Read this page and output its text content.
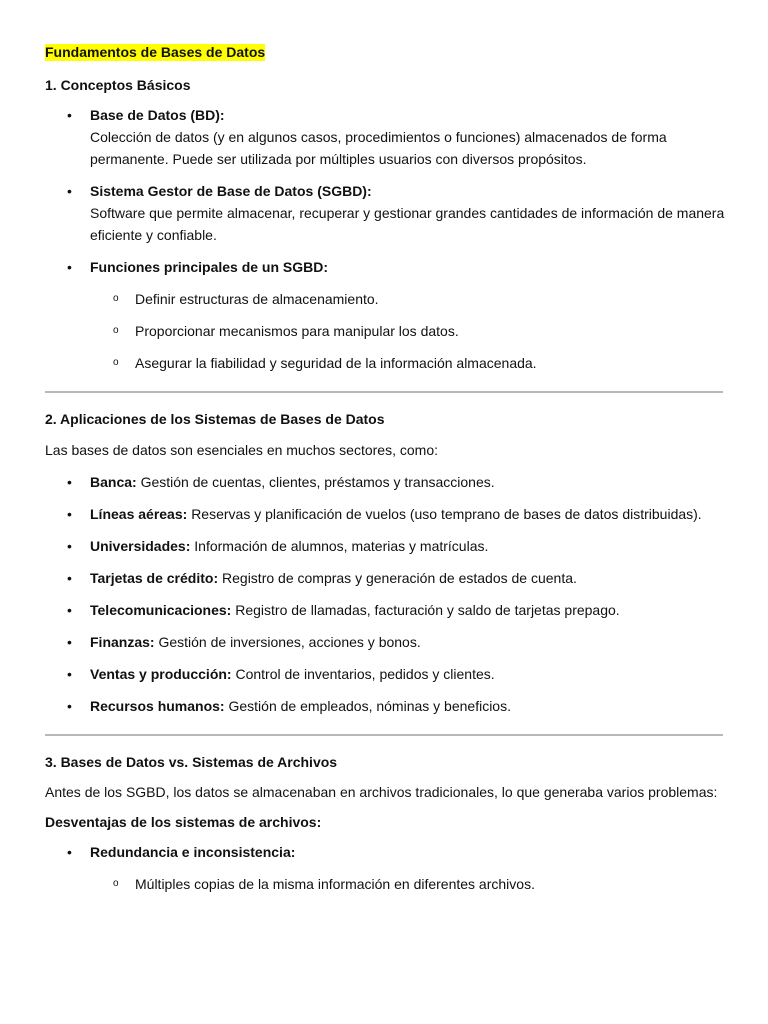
Fundamentos de Bases de Datos
1. Conceptos Básicos
• Base de Datos (BD):
Colección de datos (y en algunos casos, procedimientos o funciones) almacenados de forma permanente. Puede ser utilizada por múltiples usuarios con diversos propósitos.
• Sistema Gestor de Base de Datos (SGBD):
Software que permite almacenar, recuperar y gestionar grandes cantidades de información de manera eficiente y confiable.
• Funciones principales de un SGBD:
o Definir estructuras de almacenamiento.
o Proporcionar mecanismos para manipular los datos.
o Asegurar la fiabilidad y seguridad de la información almacenada.
2. Aplicaciones de los Sistemas de Bases de Datos

Las bases de datos son esenciales en muchos sectores, como:

• Banca: Gestión de cuentas, clientes, préstamos y transacciones.
• Líneas aéreas: Reservas y planificación de vuelos (uso temprano de bases de datos distribuidas).
• Universidades: Información de alumnos, materias y matrículas.
• Tarjetas de crédito: Registro de compras y generación de estados de cuenta.
• Telecomunicaciones: Registro de llamadas, facturación y saldo de tarjetas prepago.
• Finanzas: Gestión de inversiones, acciones y bonos.
• Ventas y producción: Control de inventarios, pedidos y clientes.
• Recursos humanos: Gestión de empleados, nóminas y beneficios.
3. Bases de Datos vs. Sistemas de Archivos

Antes de los SGBD, los datos se almacenaban en archivos tradicionales, lo que generaba varios problemas:

Desventajas de los sistemas de archivos:
• Redundancia e inconsistencia:
o Múltiples copias de la misma información en diferentes archivos.
